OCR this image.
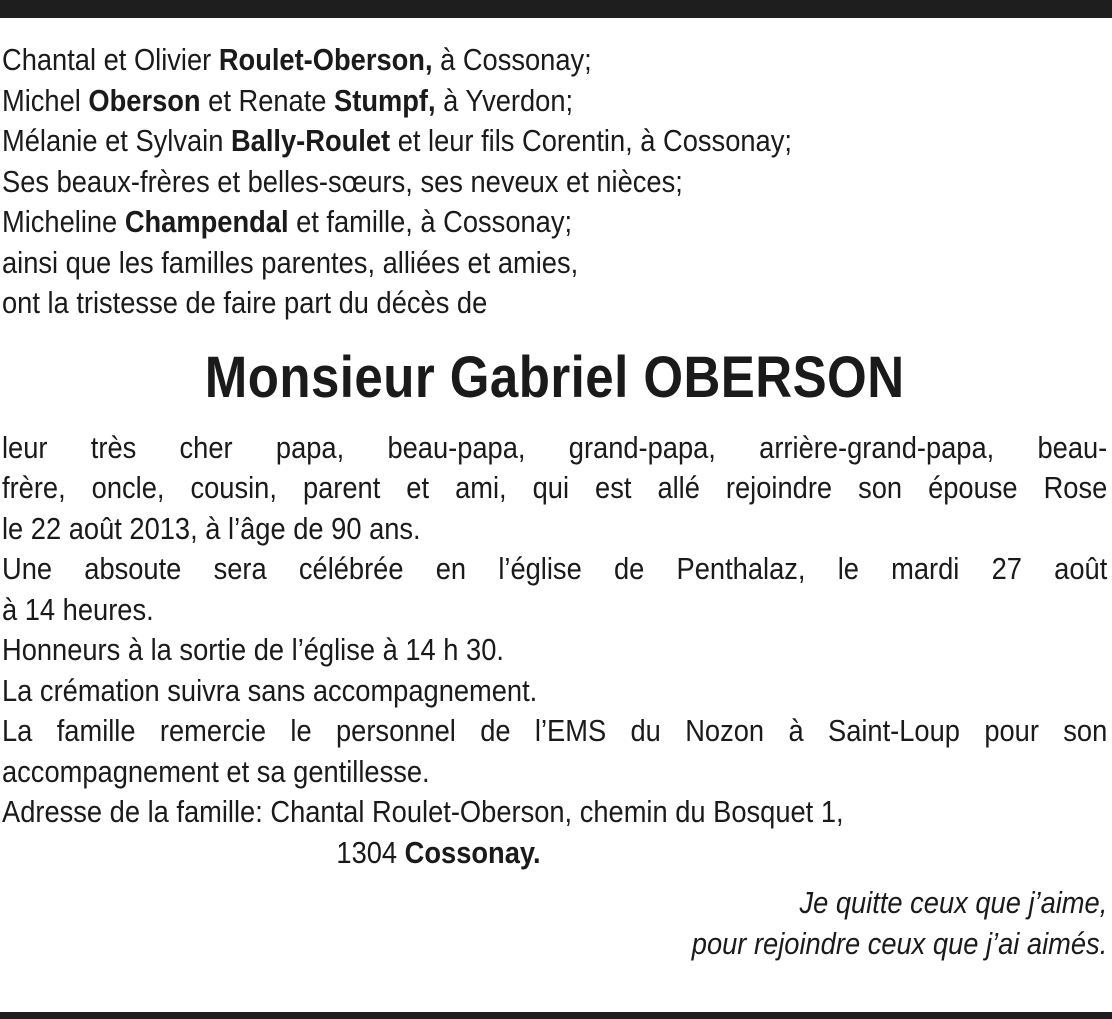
Chantal et Olivier Roulet-Oberson, à Cossonay;
Michel Oberson et Renate Stumpf, à Yverdon;
Mélanie et Sylvain Bally-Roulet et leur fils Corentin, à Cossonay;
Ses beaux-frères et belles-sœurs, ses neveux et nièces;
Micheline Champendal et famille, à Cossonay;
ainsi que les familles parentes, alliées et amies,
ont la tristesse de faire part du décès de
Monsieur Gabriel OBERSON
leur très cher papa, beau-papa, grand-papa, arrière-grand-papa, beau-
frère, oncle, cousin, parent et ami, qui est allé rejoindre son épouse Rose
le 22 août 2013, à l’âge de 90 ans.
Une absoute sera célébrée en l’église de Penthalaz, le mardi 27 août
à 14 heures.
Honneurs à la sortie de l’église à 14 h 30.
La crémation suivra sans accompagnement.
La famille remercie le personnel de l’EMS du Nozon à Saint-Loup pour son
accompagnement et sa gentillesse.
Adresse de la famille: Chantal Roulet-Oberson, chemin du Bosquet 1,
1304 Cossonay.
Je quitte ceux que j’aime,
pour rejoindre ceux que j’ai aimés.
